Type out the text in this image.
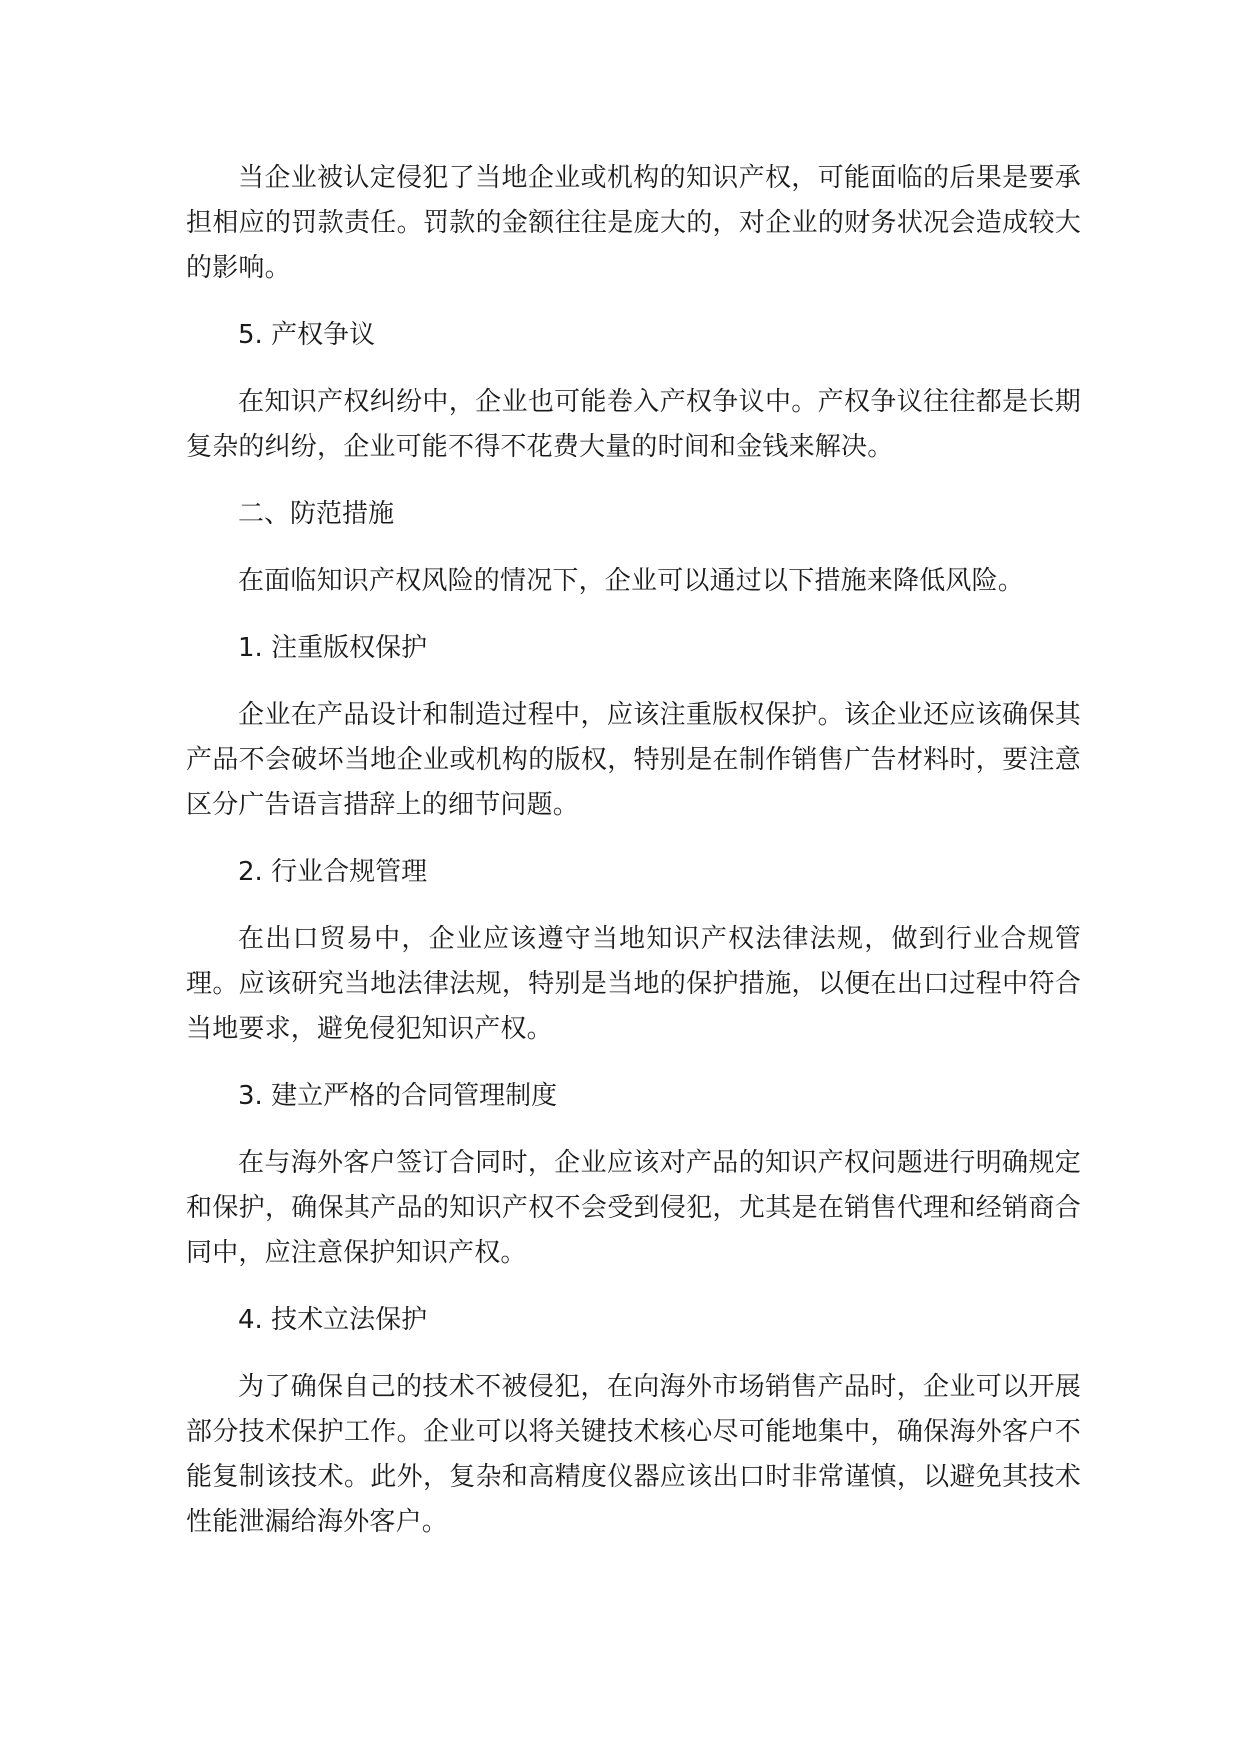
当企业被认定侵犯了当地企业或机构的知识产权，可能面临的后果是要承担相应的罚款责任。罚款的金额往往是庞大的，对企业的财务状况会造成较大的影响。

5. 产权争议

在知识产权纠纷中，企业也可能卷入产权争议中。产权争议往往都是长期复杂的纠纷，企业可能不得不花费大量的时间和金钱来解决。

二、防范措施

在面临知识产权风险的情况下，企业可以通过以下措施来降低风险。

1. 注重版权保护

企业在产品设计和制造过程中，应该注重版权保护。该企业还应该确保其产品不会破坏当地企业或机构的版权，特别是在制作销售广告材料时，要注意区分广告语言措辞上的细节问题。

2. 行业合规管理

在出口贸易中，企业应该遵守当地知识产权法律法规，做到行业合规管理。应该研究当地法律法规，特别是当地的保护措施，以便在出口过程中符合当地要求，避免侵犯知识产权。

3. 建立严格的合同管理制度

在与海外客户签订合同时，企业应该对产品的知识产权问题进行明确规定和保护，确保其产品的知识产权不会受到侵犯，尤其是在销售代理和经销商合同中，应注意保护知识产权。

4. 技术立法保护

为了确保自己的技术不被侵犯，在向海外市场销售产品时，企业可以开展部分技术保护工作。企业可以将关键技术核心尽可能地集中，确保海外客户不能复制该技术。此外，复杂和高精度仪器应该出口时非常谨慎，以避免其技术性能泄漏给海外客户。
